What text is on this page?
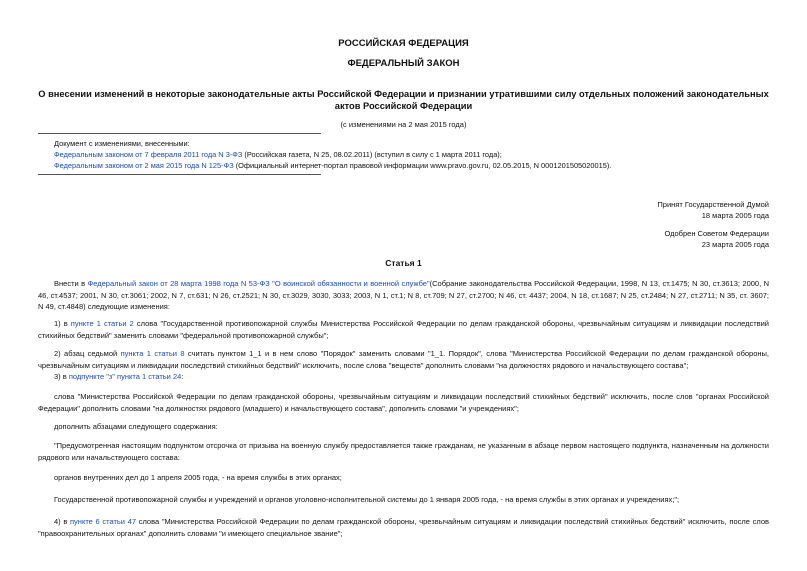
РОССИЙСКАЯ ФЕДЕРАЦИЯ
ФЕДЕРАЛЬНЫЙ ЗАКОН
О внесении изменений в некоторые законодательные акты Российской Федерации и признании утратившими силу отдельных положений законодательных актов Российской Федерации
(с изменениями на 2 мая 2015 года)
Документ с изменениями, внесенными:
Федеральным законом от 7 февраля 2011 года N 3-ФЗ (Российская газета, N 25, 08.02.2011) (вступил в силу с 1 марта 2011 года);
Федеральным законом от 2 мая 2015 года N 125-ФЗ (Официальный интернет-портал правовой информации www.pravo.gov.ru, 02.05.2015, N 0001201505020015).
Принят Государственной Думой
18 марта 2005 года
Одобрен Советом Федерации
23 марта 2005 года
Статья 1
Внести в Федеральный закон от 28 марта 1998 года N 53-ФЗ "О воинской обязанности и военной службе"(Собрание законодательства Российской Федерации, 1998, N 13, ст.1475; N 30, ст.3613; 2000, N 46, ст.4537; 2001, N 30, ст.3061; 2002, N 7, ст.631; N 26, ст.2521; N 30, ст.3029, 3030, 3033; 2003, N 1, ст.1; N 8, ст.709; N 27, ст.2700; N 46, ст. 4437; 2004, N 18, ст.1687; N 25, ст.2484; N 27, ст.2711; N 35, ст. 3607; N 49, ст.4848) следующие изменения:
1) в пункте 1 статьи 2 слова "Государственной противопожарной службы Министерства Российской Федерации по делам гражданской обороны, чрезвычайным ситуациям и ликвидации последствий стихийных бедствий" заменить словами "федеральной противопожарной службы";
2) абзац седьмой пункта 1 статьи 8 считать пунктом 1_1 и в нем слово "Порядок" заменить словами "1_1. Порядок", слова "Министерства Российской Федерации по делам гражданской обороны, чрезвычайным ситуациям и ликвидации последствий стихийных бедствий" исключить, после слова "веществ" дополнить словами "на должностях рядового и начальствующего состава";
3) в подпункте "з" пункта 1 статьи 24:
слова "Министерства Российской Федерации по делам гражданской обороны, чрезвычайным ситуациям и ликвидации последствий стихийных бедствий" исключить, после слов "органах Российской Федерации" дополнить словами "на должностях рядового (младшего) и начальствующего состава", дополнить словами "и учреждениях";
дополнить абзацами следующего содержания:
"Предусмотренная настоящим подпунктом отсрочка от призыва на военную службу предоставляется также гражданам, не указанным в абзаце первом настоящего подпункта, назначенным на должности рядового или начальствующего состава:
органов внутренних дел до 1 апреля 2005 года, - на время службы в этих органах;
Государственной противопожарной службы и учреждений и органов уголовно-исполнительной системы до 1 января 2005 года, - на время службы в этих органах и учреждениях;";
4) в пункте 6 статьи 47 слова "Министерства Российской Федерации по делам гражданской обороны, чрезвычайным ситуациям и ликвидации последствий стихийных бедствий" исключить, после слов "правоохранительных органах" дополнить словами "и имеющего специальное звание";
